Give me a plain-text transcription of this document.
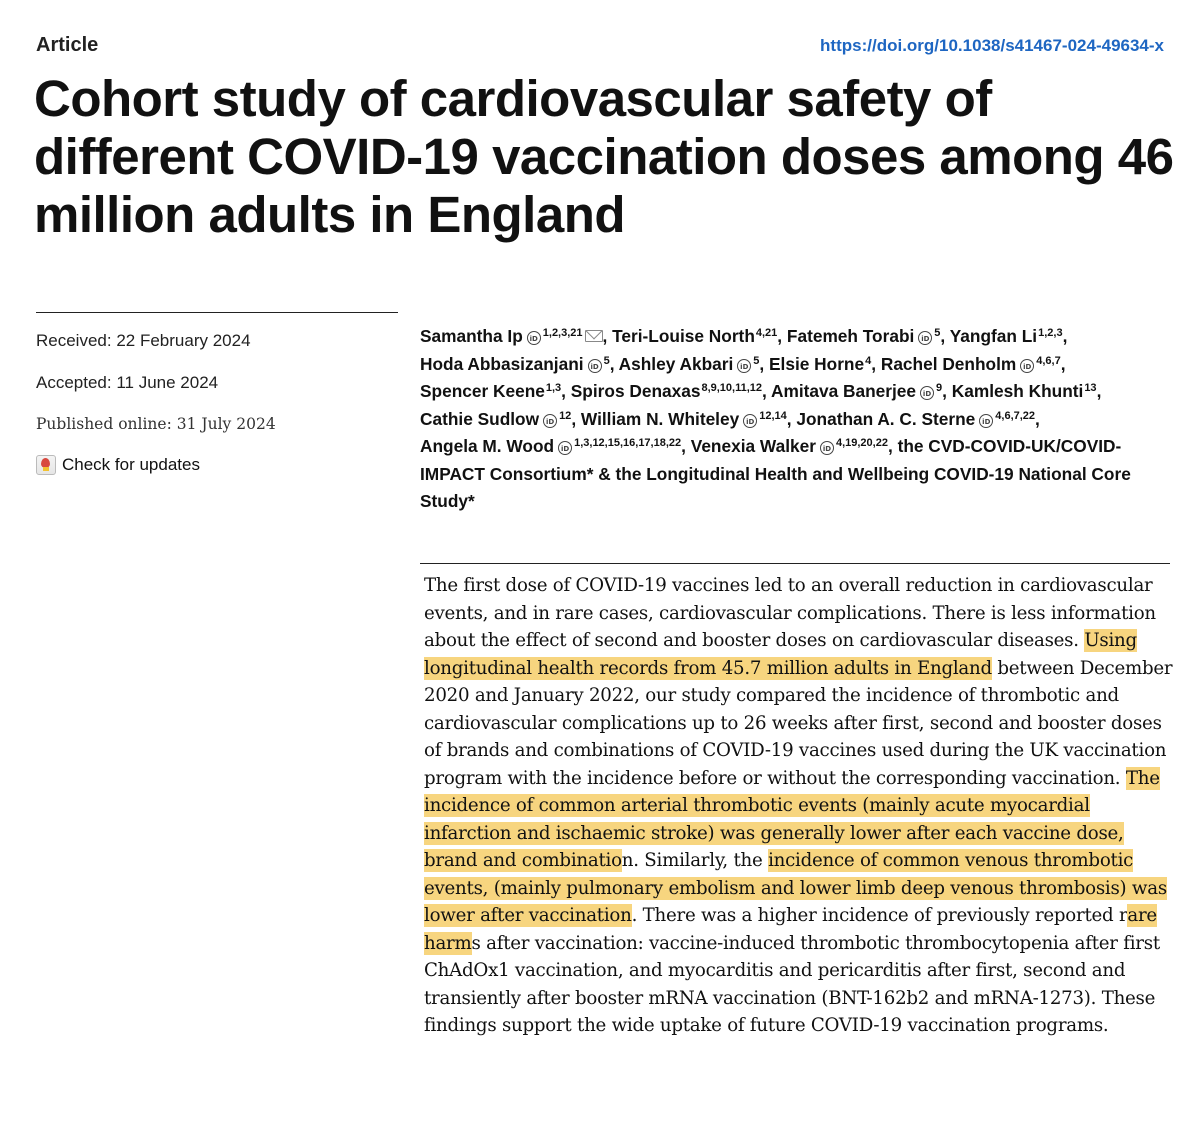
Article	https://doi.org/10.1038/s41467-024-49634-x
Cohort study of cardiovascular safety of different COVID-19 vaccination doses among 46 million adults in England
Received: 22 February 2024
Accepted: 11 June 2024
Published online: 31 July 2024
Check for updates
Samantha Ip iD $^{1,2,3,21}$ , Teri-Louise North$^{4,21}$, Fatemeh Torabi iD $^5$, Yangfan Li$^{1,2,3}$, Hoda Abbasizanjani iD $^5$, Ashley Akbari iD $^5$, Elsie Horne$^4$, Rachel Denholm iD $^{4,6,7}$, Spencer Keene$^{1,3}$, Spiros Denaxas$^{8,9,10,11,12}$, Amitava Banerjee iD $^9$, Kamlesh Khunti$^{13}$, Cathie Sudlow iD $^{12}$, William N. Whiteley iD $^{12,14}$, Jonathan A. C. Sterne iD $^{4,6,7,22}$, Angela M. Wood iD $^{1,3,12,15,16,17,18,22}$, Venexia Walker iD $^{4,19,20,22}$, the CVD-COVID-UK/COVID-IMPACT Consortium* & the Longitudinal Health and Wellbeing COVID-19 National Core Study*

The first dose of COVID-19 vaccines led to an overall reduction in cardiovascular events, and in rare cases, cardiovascular complications. There is less information about the effect of second and booster doses on cardiovascular diseases. Using longitudinal health records from 45.7 million adults in England between December 2020 and January 2022, our study compared the incidence of thrombotic and cardiovascular complications up to 26 weeks after first, second and booster doses of brands and combinations of COVID-19 vaccines used during the UK vaccination program with the incidence before or without the corresponding vaccination. The incidence of common arterial thrombotic events (mainly acute myocardial infarction and ischaemic stroke) was generally lower after each vaccine dose, brand and combination. Similarly, the incidence of common venous thrombotic events, (mainly pulmonary embolism and lower limb deep venous thrombosis) was lower after vaccination. There was a higher incidence of previously reported rare harms after vaccination: vaccine-induced thrombotic thrombocytopenia after first ChAdOx1 vaccination, and myocarditis and pericarditis after first, second and transiently after booster mRNA vaccination (BNT-162b2 and mRNA-1273). These findings support the wide uptake of future COVID-19 vaccination programs.
